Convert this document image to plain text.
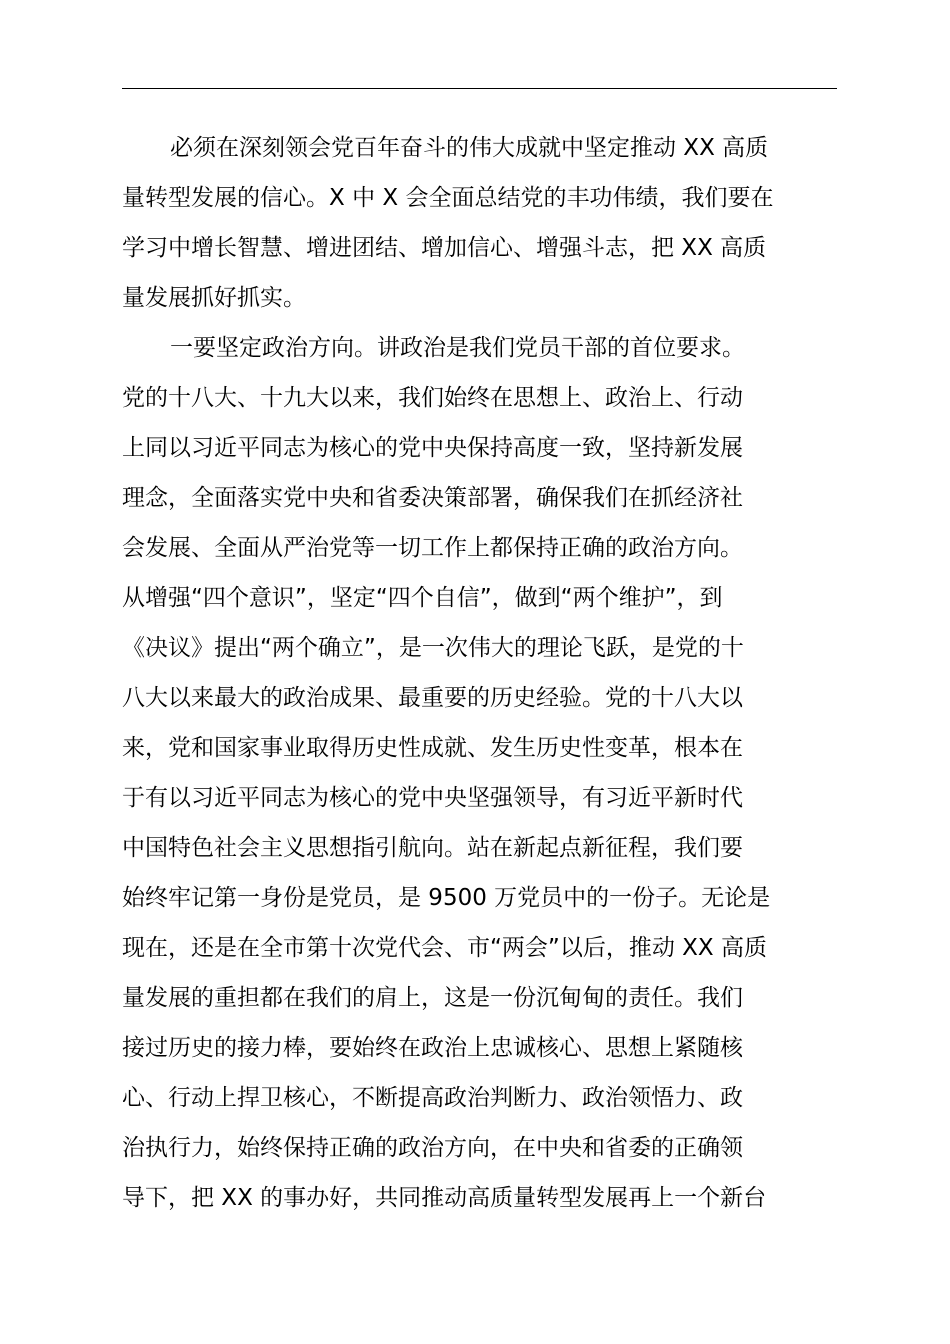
必须在深刻领会党百年奋斗的伟大成就中坚定推动 XX 高质
量转型发展的信心。X 中 X 会全面总结党的丰功伟绩，我们要在
学习中增长智慧、增进团结、增加信心、增强斗志，把 XX 高质
量发展抓好抓实。
一要坚定政治方向。讲政治是我们党员干部的首位要求。
党的十八大、十九大以来，我们始终在思想上、政治上、行动
上同以习近平同志为核心的党中央保持高度一致，坚持新发展
理念，全面落实党中央和省委决策部署，确保我们在抓经济社
会发展、全面从严治党等一切工作上都保持正确的政治方向。
从增强“四个意识”，坚定“四个自信”，做到“两个维护”，到
《决议》提出“两个确立”，是一次伟大的理论飞跃，是党的十
八大以来最大的政治成果、最重要的历史经验。党的十八大以
来，党和国家事业取得历史性成就、发生历史性变革，根本在
于有以习近平同志为核心的党中央坚强领导，有习近平新时代
中国特色社会主义思想指引航向。站在新起点新征程，我们要
始终牢记第一身份是党员，是 9500 万党员中的一份子。无论是
现在，还是在全市第十次党代会、市“两会”以后，推动 XX 高质
量发展的重担都在我们的肩上，这是一份沉甸甸的责任。我们
接过历史的接力棒，要始终在政治上忠诚核心、思想上紧随核
心、行动上捍卫核心，不断提高政治判断力、政治领悟力、政
治执行力，始终保持正确的政治方向，在中央和省委的正确领
导下，把 XX 的事办好，共同推动高质量转型发展再上一个新台
